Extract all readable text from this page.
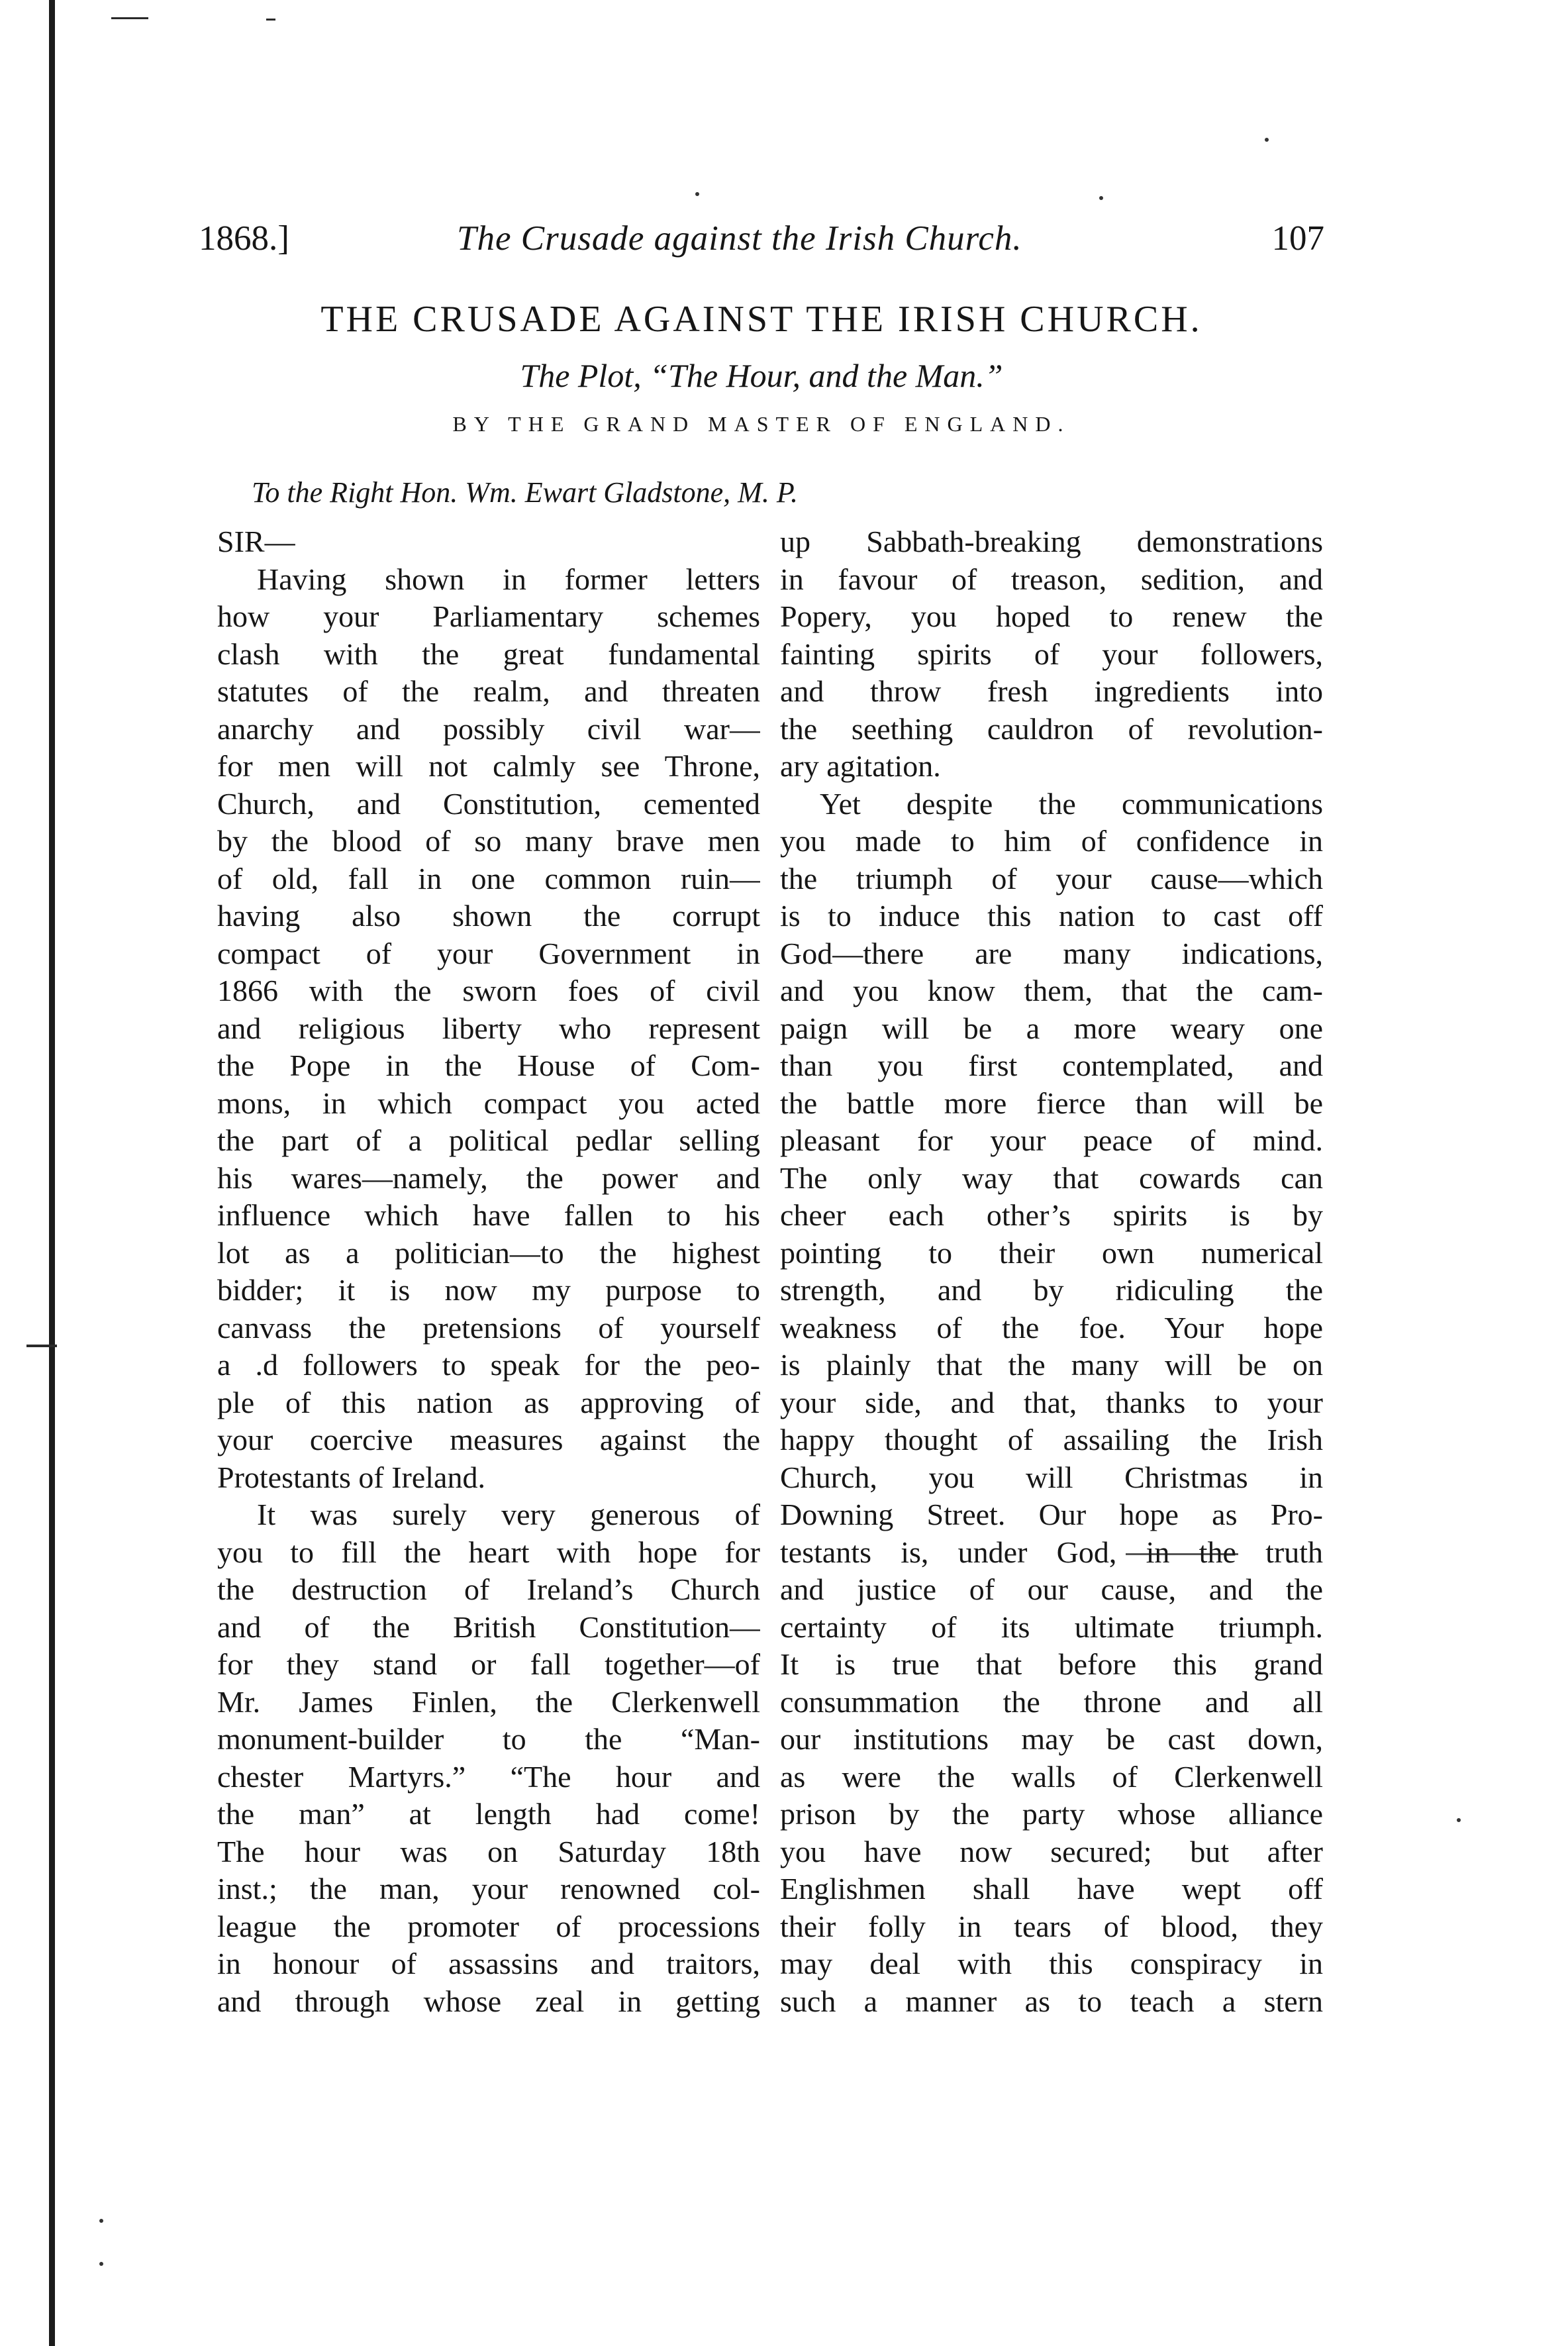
1868.]	The Crusade against the Irish Church.	107
THE CRUSADE AGAINST THE IRISH CHURCH.
The Plot, “The Hour, and the Man.”
BY THE GRAND MASTER OF ENGLAND.
To the Right Hon. Wm. Ewart Gladstone, M. P.
SIR—
Having shown in former letters
how your Parliamentary schemes
clash with the great fundamental
statutes of the realm, and threaten
anarchy and possibly civil war—
for men will not calmly see Throne,
Church, and Constitution, cemented
by the blood of so many brave men
of old, fall in one common ruin—
having also shown the corrupt
compact of your Government in
1866 with the sworn foes of civil
and religious liberty who represent
the Pope in the House of Com-
mons, in which compact you acted
the part of a political pedlar selling
his wares—namely, the power and
influence which have fallen to his
lot as a politician—to the highest
bidder; it is now my purpose to
canvass the pretensions of yourself
a .d followers to speak for the peo-
ple of this nation as approving of
your coercive measures against the
Protestants of Ireland.
It was surely very generous of
you to fill the heart with hope for
the destruction of Ireland’s Church
and of the British Constitution—
for they stand or fall together—of
Mr. James Finlen, the Clerkenwell
monument-builder to the “Man-
chester Martyrs.” “The hour and
the man” at length had come!
The hour was on Saturday 18th
inst.; the man, your renowned col-
league the promoter of processions
in honour of assassins and traitors,
and through whose zeal in getting
up Sabbath-breaking demonstrations
in favour of treason, sedition, and
Popery, you hoped to renew the
fainting spirits of your followers,
and throw fresh ingredients into
the seething cauldron of revolution-
ary agitation.
Yet despite the communications
you made to him of confidence in
the triumph of your cause—which
is to induce this nation to cast off
God—there are many indications,
and you know them, that the cam-
paign will be a more weary one
than you first contemplated, and
the battle more fierce than will be
pleasant for your peace of mind.
The only way that cowards can
cheer each other’s spirits is by
pointing to their own numerical
strength, and by ridiculing the
weakness of the foe. Your hope
is plainly that the many will be on
your side, and that, thanks to your
happy thought of assailing the Irish
Church, you will Christmas in
Downing Street. Our hope as Pro-
testants is, under God, in the truth
and justice of our cause, and the
certainty of its ultimate triumph.
It is true that before this grand
consummation the throne and all
our institutions may be cast down,
as were the walls of Clerkenwell
prison by the party whose alliance
you have now secured; but after
Englishmen shall have wept off
their folly in tears of blood, they
may deal with this conspiracy in
such a manner as to teach a stern
